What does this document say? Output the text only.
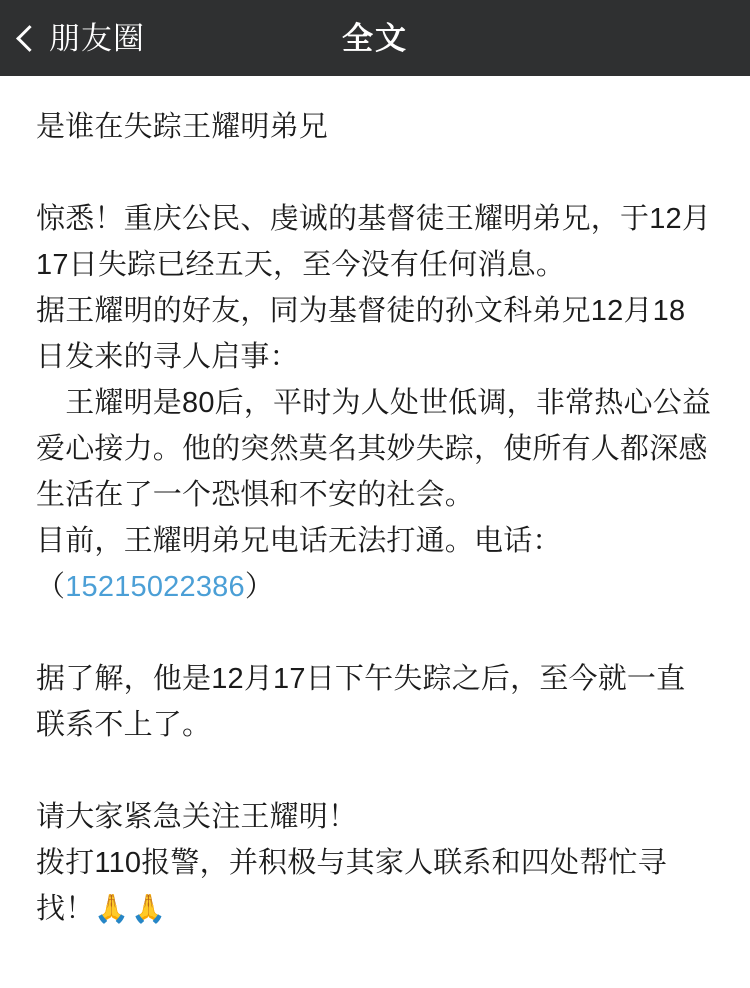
朋友圈	全文

是谁在失踪王耀明弟兄

惊悉！重庆公民、虔诚的基督徒王耀明弟兄，于12月17日失踪已经五天，至今没有任何消息。

据王耀明的好友，同为基督徒的孙文科弟兄12月18日发来的寻人启事：

　王耀明是80后，平时为人处世低调，非常热心公益爱心接力。他的突然莫名其妙失踪，使所有人都深感生活在了一个恐惧和不安的社会。

目前，王耀明弟兄电话无法打通。电话：（15215022386）

据了解，他是12月17日下午失踪之后，至今就一直联系不上了。

请大家紧急关注王耀明！

拨打110报警，并积极与其家人联系和四处帮忙寻找！🙏🙏
